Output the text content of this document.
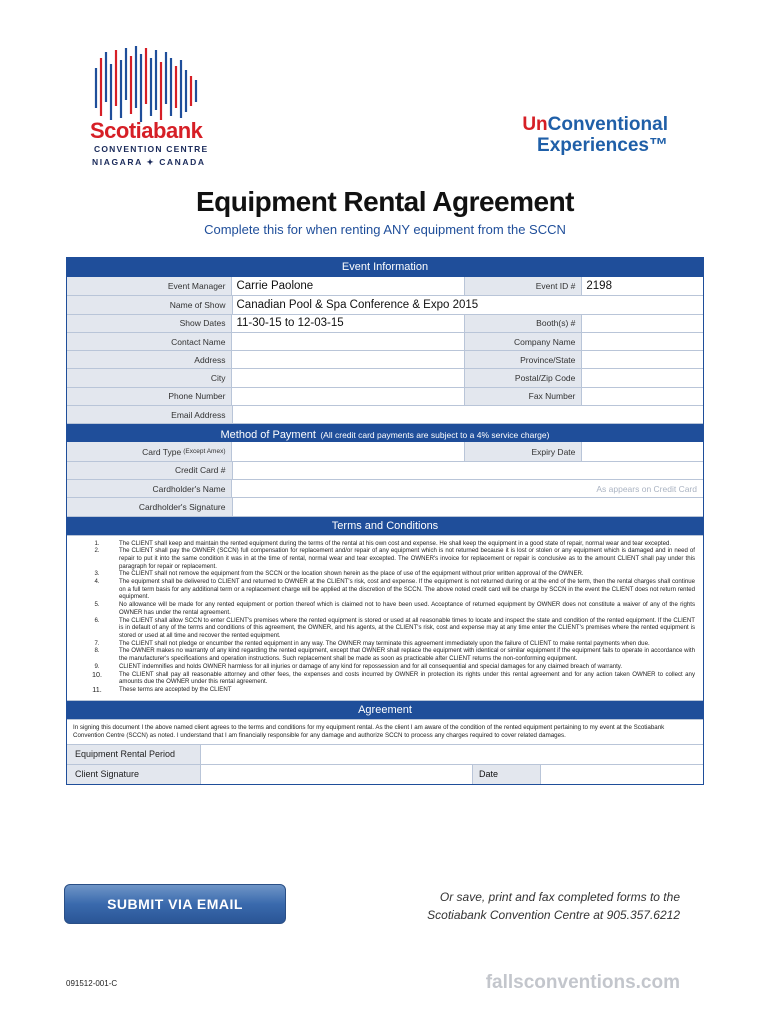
Scotiabank
CONVENTION CENTRE
NIAGARA ✦ CANADA
UnConventional
Experiences™
Equipment Rental Agreement
Complete this for when renting ANY equipment from the SCCN
Event Information
Event Manager Carrie Paolone	Event ID # 2198
Name of Show Canadian Pool & Spa Conference & Expo 2015
Show Dates 11-30-15 to 12-03-15	Booth(s) #
Contact Name	Company Name
Address	Province/State
City	Postal/Zip Code
Phone Number	Fax Number
Email Address
Method of Payment (All credit card payments are subject to a 4% service charge)
Card Type (Except Amex)	Expiry Date
Credit Card #
Cardholder's Name	As appears on Credit Card
Cardholder's Signature
Terms and Conditions
1.	The CLIENT shall keep and maintain the rented equipment during the terms of the rental at his own cost and expense. He shall keep the equipment in a good state of repair, normal wear and tear excepted.
2.	The CLIENT shall pay the OWNER (SCCN) full compensation for replacement and/or repair of any equipment which is not returned because it is lost or stolen or any equipment which is damaged and in need of repair to put it into the same condition it was in at the time of rental, normal wear and tear excepted. The OWNER's invoice for replacement or repair is conclusive as to the amount CLIENT shall pay under this paragraph for repair or replacement.
3.	The CLIENT shall not remove the equipment from the SCCN or the location shown herein as the place of use of the equipment without prior written approval of the OWNER.
4.	The equipment shall be delivered to CLIENT and returned to OWNER at the CLIENT's risk, cost and expense. If the equipment is not returned during or at the end of the term, then the rental charges shall continue on a full term basis for any additional term or a replacement charge will be applied at the discretion of the SCCN. The above noted credit card will be charge by SCCN in the event the CLIENT does not return rented equipment.
5.	No allowance will be made for any rented equipment or portion thereof which is claimed not to have been used. Acceptance of returned equipment by OWNER does not constitute a waiver of any of the rights OWNER has under the rental agreement.
6.	The CLIENT shall allow SCCN to enter CLIENT's premises where the rented equipment is stored or used at all reasonable times to locate and inspect the state and condition of the rented equipment. If the CLIENT is in default of any of the terms and conditions of this agreement, the OWNER, and his agents, at the CLIENT's risk, cost and expense may at any time enter the CLIENT's premises where the rented equipment is stored or used at all time and recover the rented equipment.
7.	The CLIENT shall not pledge or encumber the rented equipment in any way. The OWNER may terminate this agreement immediately upon the failure of CLIENT to make rental payments when due.
8.	The OWNER makes no warranty of any kind regarding the rented equipment, except that OWNER shall replace the equipment with identical or similar equipment if the equipment fails to operate in accordance with the manufacturer's specifications and operation instructions. Such replacement shall be made as soon as practicable after CLIENT returns the non-conforming equipment.
9.	CLIENT indemnifies and holds OWNER harmless for all injuries or damage of any kind for repossession and for all consequential and special damages for any claimed breach of warranty.
10.	The CLIENT shall pay all reasonable attorney and other fees, the expenses and costs incurred by OWNER in protection its rights under this rental agreement and for any action taken OWNER to collect any amounts due the OWNER under this rental agreement.
11.	These terms are accepted by the CLIENT
Agreement
In signing this document I the above named client agrees to the terms and conditions for my equipment rental. As the client I am aware of the condition of the rented equipment pertaining to my event at the Scotiabank Convention Centre (SCCN) as noted. I understand that I am financially responsible for any damage and authorize SCCN to process any charges required to cover related damages.
Equipment Rental Period
Client Signature	Date
SUBMIT VIA EMAIL	Or save, print and fax completed forms to the
Scotiabank Convention Centre at 905.357.6212
091512-001-C	fallsconventions.com
